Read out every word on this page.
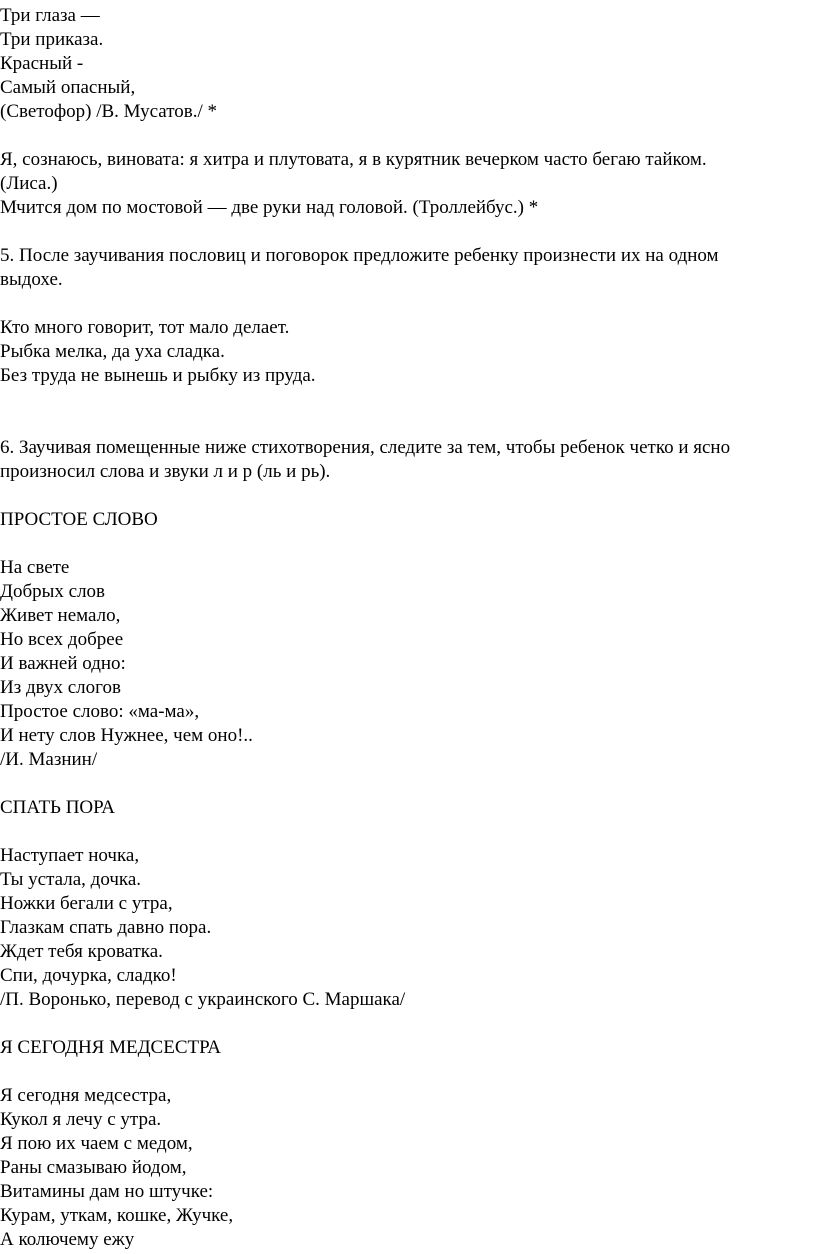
Три глаза —
Три приказа.
Красный -
Самый опасный,
(Светофор) /В. Мусатов./ *
Я, сознаюсь, виновата: я хитра и плутовата, я в курятник вечерком часто бегаю тайком.
(Лиса.)
Мчится дом по мостовой — две руки над головой. (Троллейбус.) *
5. После заучивания пословиц и поговорок предложите ребенку произнести их на одном
выдохе.
Кто много говорит, тот мало делает.
Рыбка мелка, да уха сладка.
Без труда не вынешь и рыбку из пруда.
6. Заучивая помещенные ниже стихотворения, следите за тем, чтобы ребенок четко и ясно
произносил слова и звуки л и р (ль и рь).
ПРОСТОЕ СЛОВО
На свете
Добрых слов
Живет немало,
Но всех добрее
И важней одно:
Из двух слогов
Простое слово: «ма-ма»,
И нету слов Нужнее, чем оно!..
/И. Мазнин/
СПАТЬ ПОРА
Наступает ночка,
Ты устала, дочка.
Ножки бегали с утра,
Глазкам спать давно пора.
Ждет тебя кроватка.
Спи, дочурка, сладко!
/П. Воронько, перевод с украинского С. Маршака/
Я СЕГОДНЯ МЕДСЕСТРА
Я сегодня медсестра,
Кукол я лечу с утра.
Я пою их чаем с медом,
Раны смазываю йодом,
Витамины дам но штучке:
Курам, уткам, кошке, Жучке,
А колючему ежу
